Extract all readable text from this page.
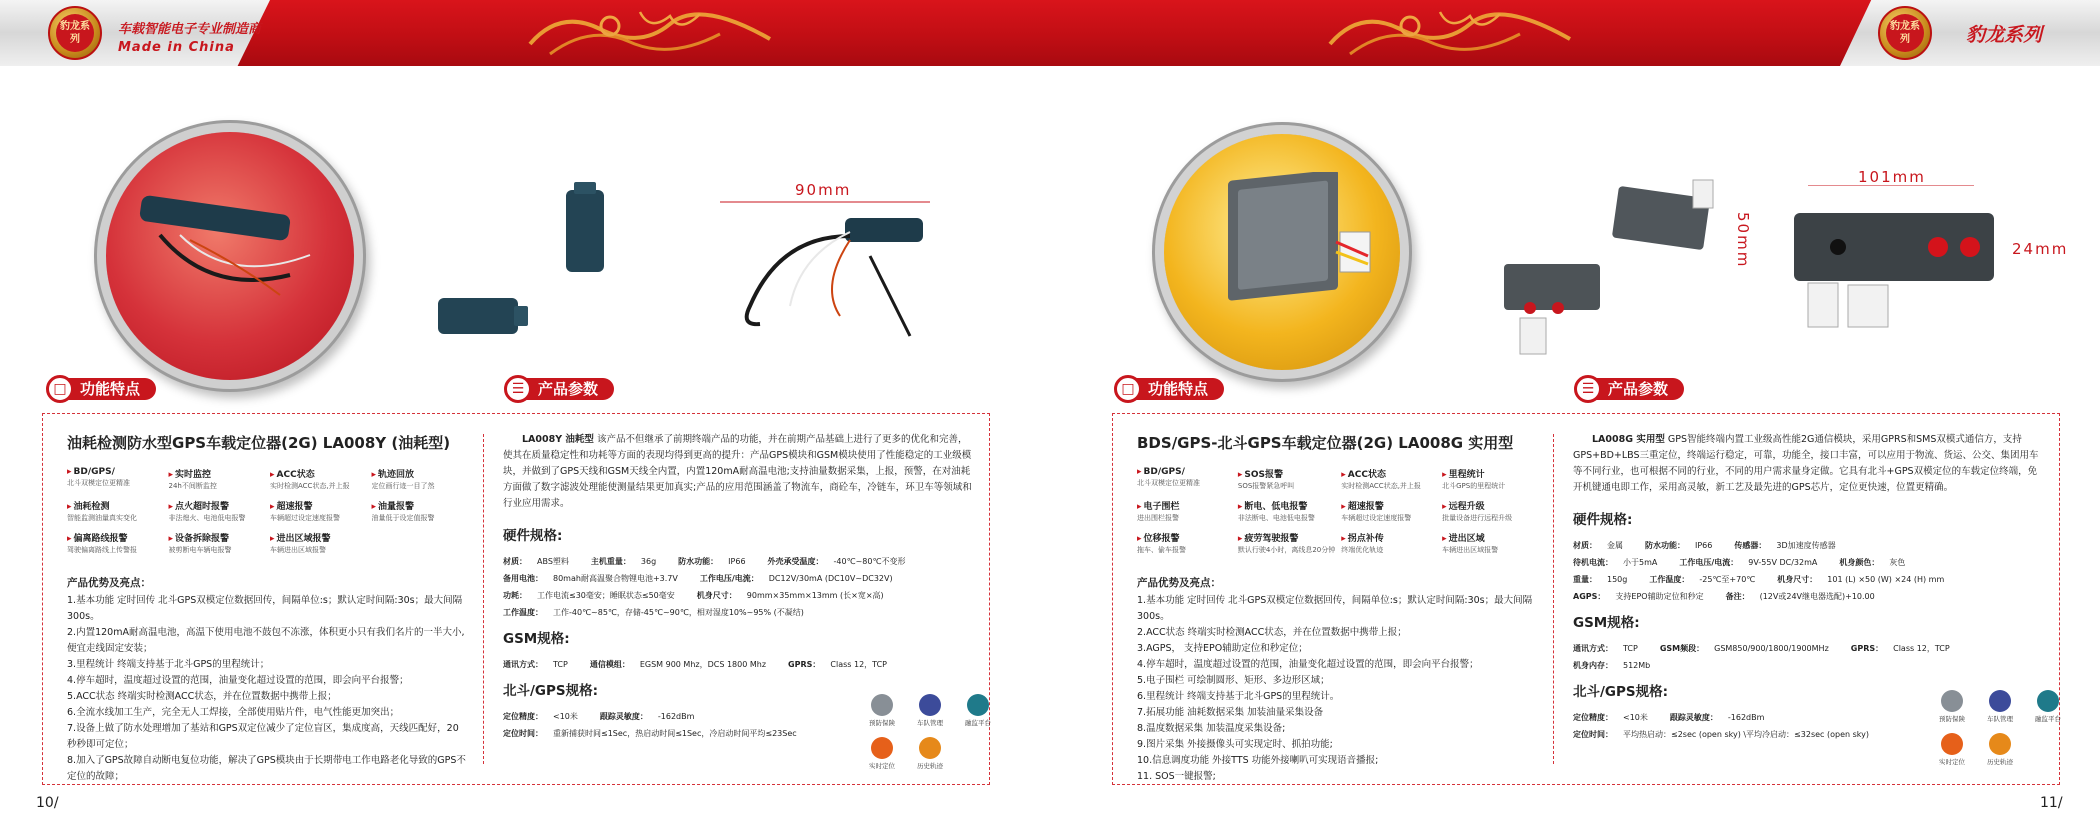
豹龙系列
车载智能电子专业制造商
Made in China
豹龙系列	豹龙系列
90mm
101mm
50mm	24mm
□ 功能特点	☰ 产品参数	□ 功能特点	☰ 产品参数
油耗检测防水型GPS车载定位器(2G) LA008Y (油耗型)
▸ BD/GPS/
北斗双模定位更精准
▸ 实时监控
24h不间断监控
▸ ACC状态
实时检测ACC状态,并上报
▸ 轨迹回放
定位画行迹一目了然
▸ 油耗检测
智能监测油量真实变化
▸ 点火超时报警
非法熄火、电池低电报警
▸ 超速报警
车辆超过设定速度报警
▸ 油量报警
油量低于设定值报警
▸ 偏离路线报警
驾驶偏离路线上传警报
▸ 设备拆除报警
被剪断电车辆电报警
▸ 进出区域报警
车辆进出区域报警
产品优势及亮点：

1.基本功能 定时回传 北斗GPS双模定位数据回传，间隔单位:s；默认定时间隔:30s；最大间隔300s。

2.内置120mA耐高温电池，高温下使用电池不鼓包不冻涨，体积更小只有我们名片的一半大小,便宜走线固定安装；

3.里程统计 终端支持基于北斗GPS的里程统计；

4.停车超时，温度超过设置的范围，油量变化超过设置的范围，即会向平台报警；

5.ACC状态 终端实时检测ACC状态，并在位置数据中携带上报；

6.全流水线加工生产，完全无人工焊接，全部使用贴片件，电气性能更加突出；

7.设备上做了防水处理增加了基站和GPS双定位减少了定位盲区，集成度高，天线匹配好，20秒秒即可定位；

8.加入了GPS故障自动断电复位功能，解决了GPS模块由于长期带电工作电路老化导致的GPS不定位的故障；

LA008Y 油耗型 该产品不但继承了前期终端产品的功能，并在前期产品基础上进行了更多的优化和完善，使其在质量稳定性和功耗等方面的表现均得到更高的提升：产品GPS模块和GSM模块使用了性能稳定的工业级模块，并做到了GPS天线和GSM天线全内置，内置120mA耐高温电池;支持油量数据采集，上报，预警，在对油耗方面做了数字滤波处理能使测量结果更加真实;产品的应用范围涵盖了物流车，商砼车，冷链车，环卫车等领域和行业应用需求。
硬件规格:
材质： ABS塑料	主机重量： 36g	防水功能： IP66	外壳承受温度： -40℃~80℃不变形
备用电池： 80mah耐高温聚合物锂电池+3.7V	工作电压/电流： DC12V/30mA (DC10V~DC32V)
功耗： 工作电流≤30毫安；睡眠状态≤50毫安	机身尺寸： 90mm×35mm×13mm (长×宽×高)
工作温度： 工作-40℃~85℃，存储-45℃~90℃，相对湿度10%~95% (不凝结)
GSM规格:
通讯方式： TCP	通信模组： EGSM 900 Mhz，DCS 1800 Mhz	GPRS： Class 12，TCP
北斗/GPS规格:
定位精度： <10米	跟踪灵敏度： -162dBm
定位时间： 重新捕获时间≤1Sec，热启动时间≤1Sec，冷启动时间平均≤23Sec
预防保険	车队管理	融监平台
实时定位	历史轨迹
10/
BDS/GPS-北斗GPS车载定位器(2G) LA008G 实用型
▸ BD/GPS/
北斗双模定位更精准
▸ SOS报警
SOS报警紧急呼叫
▸ ACC状态
实时检测ACC状态,并上报
▸ 里程统计
北斗GPS的里程统计
▸ 电子围栏
进出围栏报警
▸ 断电、低电报警
非法断电、电池低电报警
▸ 超速报警
车辆超过设定速度报警
▸ 远程升级
批量设备进行远程升级
▸ 位移报警
拖车、偷车报警
▸ 疲劳驾驶报警
默认行驶4小时，离线息20分钟
▸ 拐点补传
终端优化轨迹
▸ 进出区域
车辆进出区域报警
产品优势及亮点：

1.基本功能 定时回传 北斗GPS双模定位数据回传，间隔单位:s；默认定时间隔:30s；最大间隔300s。

2.ACC状态 终端实时检测ACC状态，并在位置数据中携带上报；

3.AGPS， 支持EPO辅助定位和秒定位；

4.停车超时，温度超过设置的范围，油量变化超过设置的范围，即会向平台报警；

5.电子围栏 可绘制圆形、矩形、多边形区域；

6.里程统计 终端支持基于北斗GPS的里程统计。

7.拓展功能 油耗数据采集 加装油量采集设备

8.温度数据采集 加装温度采集设备;

9.图片采集 外接摄像头可实现定时、抓拍功能;

10.信息调度功能 外接TTS 功能外接喇叭可实现语音播报;

11. SOS一键报警;

LA008G 实用型 GPS智能终端内置工业级高性能2G通信模块，采用GPRS和SMS双模式通信方，支持GPS+BD+LBS三重定位，终端运行稳定，可靠，功能全，接口丰富，可以应用于物流、货运、公交、集团用车等不同行业，也可根据不同的行业，不同的用户需求量身定做。它具有北斗+GPS双模定位的车载定位终端，免开机键通电即工作，采用高灵敏，新工艺及最先进的GPS芯片，定位更快速，位置更精确。
硬件规格:
材质： 金属	防水功能： IP66	传感器： 3D加速度传感器
待机电流： 小于5mA	工作电压/电流： 9V-55V DC/32mA	机身颜色： 灰色
重量： 150g	工作温度： -25℃至+70℃	机身尺寸： 101 (L) ×50 (W) ×24 (H) mm
AGPS： 支持EPO辅助定位和秒定	备注： (12V或24V继电器选配)+10.00
GSM规格:
通讯方式： TCP	GSM频段： GSM850/900/1800/1900MHz	GPRS： Class 12，TCP
机身内存： 512Mb
北斗/GPS规格:
定位精度： <10米	跟踪灵敏度： -162dBm
定位时间： 平均热启动：≤2sec (open sky) \平均冷启动：≤32sec (open sky)
预防保険	车队管理	融监平台
实时定位	历史轨迹
11/
